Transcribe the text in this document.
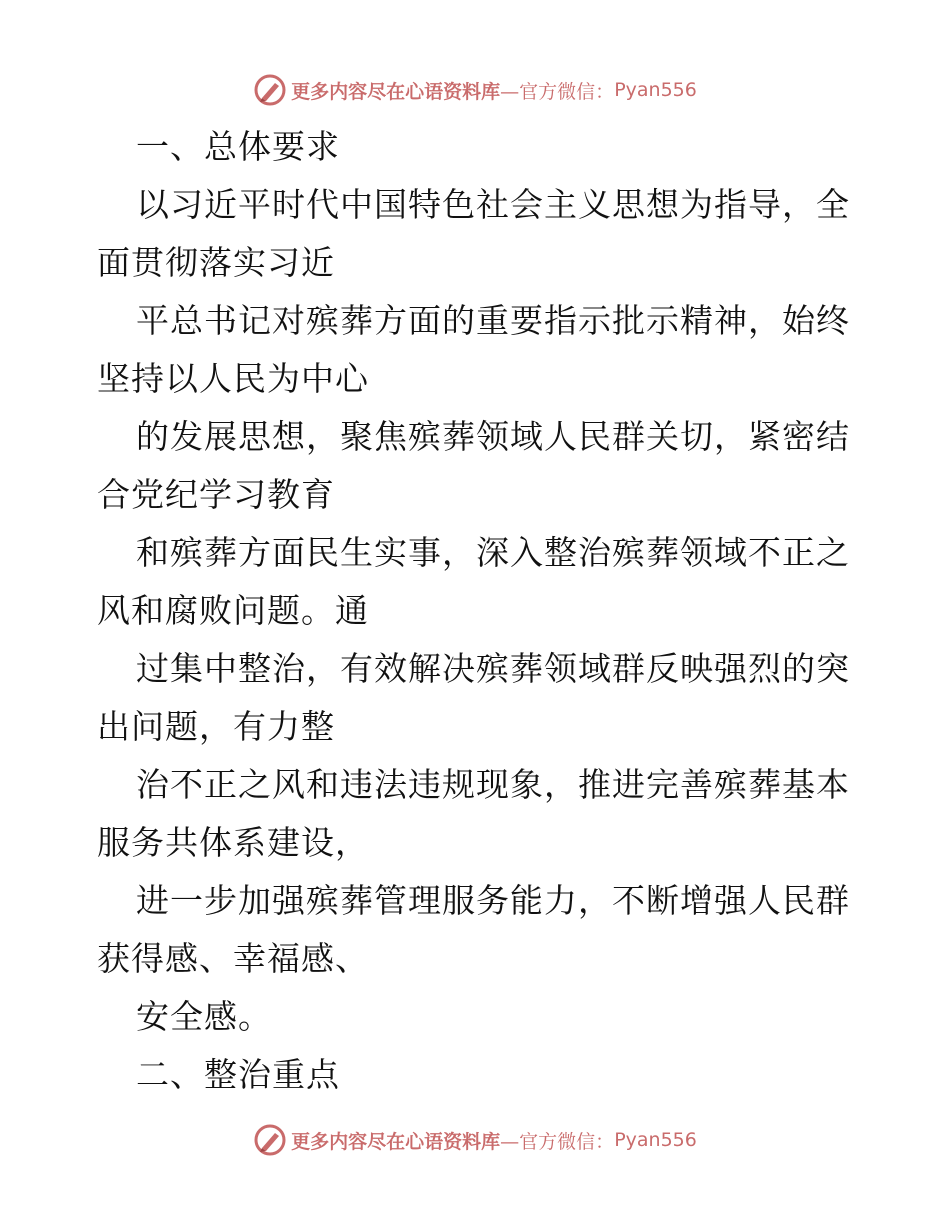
更多内容尽在心语资料库 —官方微信： Pyan556
一、总体要求
以习近平时代中国特色社会主义思想为指导，全
面贯彻落实习近
平总书记对殡葬方面的重要指示批示精神，始终
坚持以人民为中心
的发展思想，聚焦殡葬领域人民群关切，紧密结
合党纪学习教育
和殡葬方面民生实事，深入整治殡葬领域不正之
风和腐败问题。通
过集中整治，有效解决殡葬领域群反映强烈的突
出问题，有力整
治不正之风和违法违规现象，推进完善殡葬基本
服务共体系建设，
进一步加强殡葬管理服务能力，不断增强人民群
获得感、幸福感、
安全感。
二、整治重点
更多内容尽在心语资料库 —官方微信： Pyan556
